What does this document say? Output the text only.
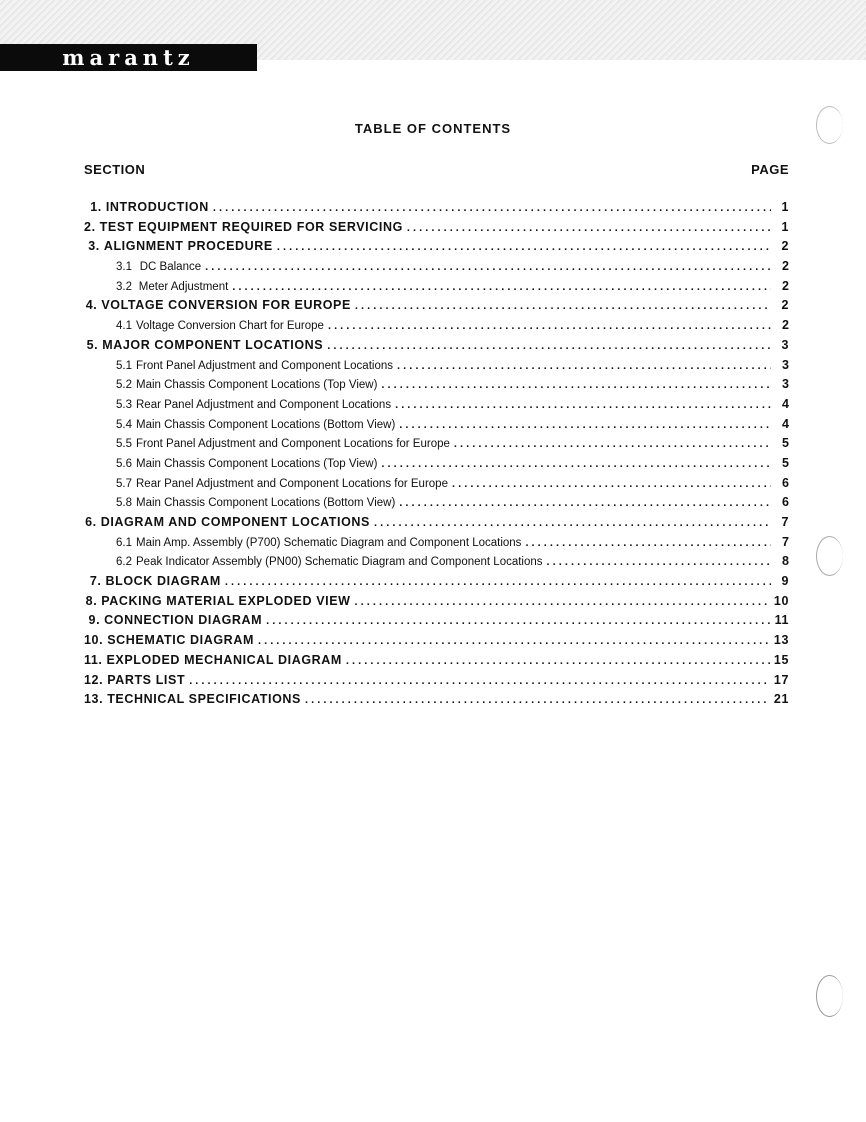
marantz
TABLE OF CONTENTS
SECTION	PAGE
1. INTRODUCTION . . .	1
2. TEST EQUIPMENT REQUIRED FOR SERVICING . . .	1
3. ALIGNMENT PROCEDURE . . .	2
3.1 DC Balance . . .	2
3.2 Meter Adjustment . . .	2
4. VOLTAGE CONVERSION FOR EUROPE . . .	2
4.1 Voltage Conversion Chart for Europe . . .	2
5. MAJOR COMPONENT LOCATIONS . . .	3
5.1 Front Panel Adjustment and Component Locations . . .	3
5.2 Main Chassis Component Locations (Top View) . . .	3
5.3 Rear Panel Adjustment and Component Locations . . .	4
5.4 Main Chassis Component Locations (Bottom View) . . .	4
5.5 Front Panel Adjustment and Component Locations for Europe . . .	5
5.6 Main Chassis Component Locations (Top View) . . .	5
5.7 Rear Panel Adjustment and Component Locations for Europe . . .	6
5.8 Main Chassis Component Locations (Bottom View) . . .	6
6. DIAGRAM AND COMPONENT LOCATIONS . . .	7
6.1 Main Amp. Assembly (P700) Schematic Diagram and Component Locations . . .	7
6.2 Peak Indicator Assembly (PN00) Schematic Diagram and Component Locations . . .	8
7. BLOCK DIAGRAM . . .	9
8. PACKING MATERIAL EXPLODED VIEW . . .	10
9. CONNECTION DIAGRAM . . .	11
10. SCHEMATIC DIAGRAM . . .	13
11. EXPLODED MECHANICAL DIAGRAM . . .	15
12. PARTS LIST . . .	17
13. TECHNICAL SPECIFICATIONS . . .	21
